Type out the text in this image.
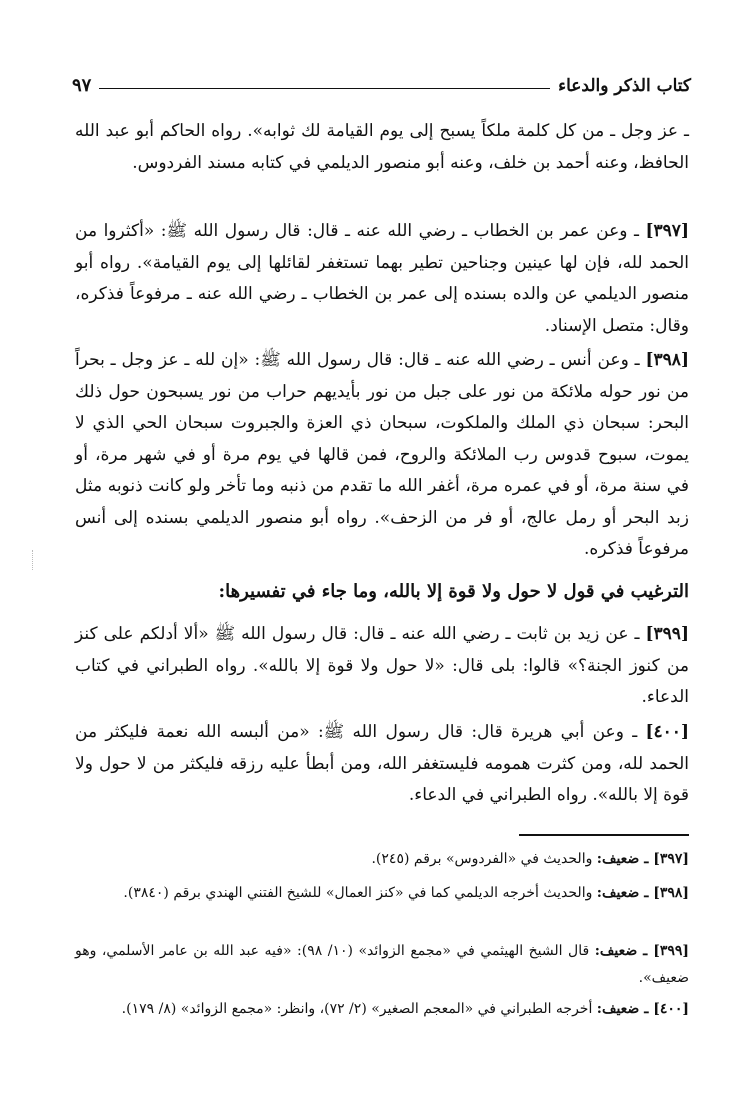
كتاب الذكر والدعاء
٩٧
ـ عز وجل ـ من كل كلمة ملكاً يسبح إلى يوم القيامة لك ثوابه». رواه الحاكم أبو عبد الله الحافظ، وعنه أحمد بن خلف، وعنه أبو منصور الديلمي في كتابه مسند الفردوس.
[٣٩٧] ـ وعن عمر بن الخطاب ـ رضي الله عنه ـ قال: قال رسول الله ﷺ: «أكثروا من الحمد لله، فإن لها عينين وجناحين تطير بهما تستغفر لقائلها إلى يوم القيامة». رواه أبو منصور الديلمي عن والده بسنده إلى عمر بن الخطاب ـ رضي الله عنه ـ مرفوعاً فذكره، وقال: متصل الإسناد.
[٣٩٨] ـ وعن أنس ـ رضي الله عنه ـ قال: قال رسول الله ﷺ: «إن لله ـ عز وجل ـ بحراً من نور حوله ملائكة من نور على جبل من نور بأيديهم حراب من نور يسبحون حول ذلك البحر: سبحان ذي الملك والملكوت، سبحان ذي العزة والجبروت سبحان الحي الذي لا يموت، سبوح قدوس رب الملائكة والروح، فمن قالها في يوم مرة أو في شهر مرة، أو في سنة مرة، أو في عمره مرة، أغفر الله ما تقدم من ذنبه وما تأخر ولو كانت ذنوبه مثل زبد البحر أو رمل عالج، أو فر من الزحف». رواه أبو منصور الديلمي بسنده إلى أنس مرفوعاً فذكره.
الترغيب في قول لا حول ولا قوة إلا بالله، وما جاء في تفسيرها:
[٣٩٩] ـ عن زيد بن ثابت ـ رضي الله عنه ـ قال: قال رسول الله ﷺ «ألا أدلكم على كنز من كنوز الجنة؟» قالوا: بلى قال: «لا حول ولا قوة إلا بالله». رواه الطبراني في كتاب الدعاء.
[٤٠٠] ـ وعن أبي هريرة قال: قال رسول الله ﷺ: «من ألبسه الله نعمة فليكثر من الحمد لله، ومن كثرت همومه فليستغفر الله، ومن أبطأ عليه رزقه فليكثر من لا حول ولا قوة إلا بالله». رواه الطبراني في الدعاء.
[٣٩٧] ـ ضعيف: والحديث في «الفردوس» برقم (٢٤٥).
[٣٩٨] ـ ضعيف: والحديث أخرجه الديلمي كما في «كنز العمال» للشيخ الفتني الهندي برقم (٣٨٤٠).
[٣٩٩] ـ ضعيف: قال الشيخ الهيثمي في «مجمع الزوائد» (١٠/ ٩٨): «فيه عبد الله بن عامر الأسلمي، وهو ضعيف».
[٤٠٠] ـ ضعيف: أخرجه الطبراني في «المعجم الصغير» (٢/ ٧٢)، وانظر: «مجمع الزوائد» (٨/ ١٧٩).
